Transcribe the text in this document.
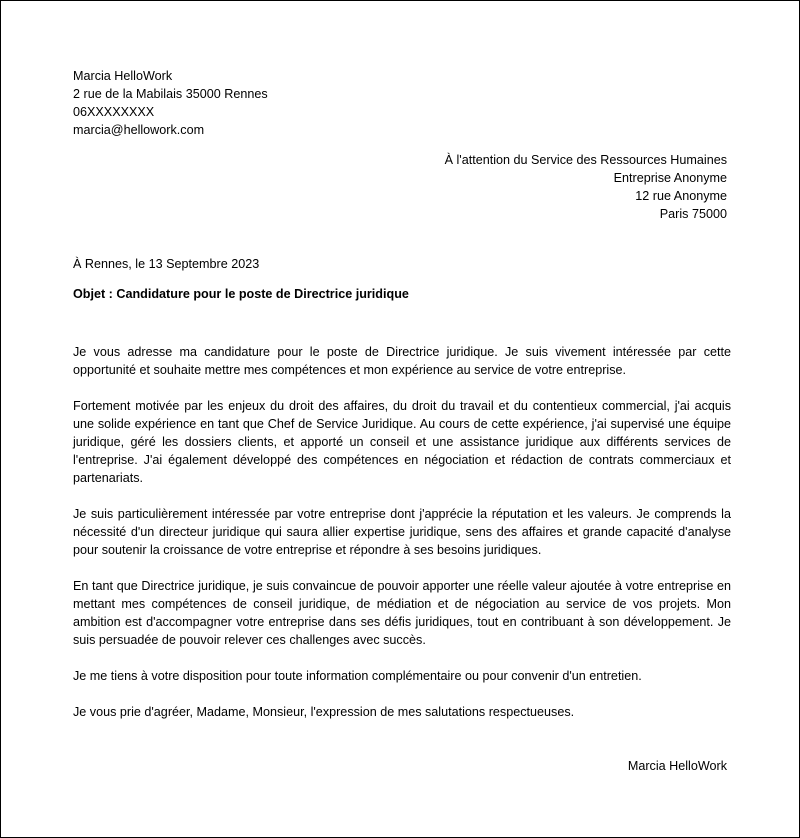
Marcia HelloWork
2 rue de la Mabilais 35000 Rennes
06XXXXXXXX
marcia@hellowork.com
À l'attention du Service des Ressources Humaines
Entreprise Anonyme
12 rue Anonyme
Paris 75000
À Rennes, le 13 Septembre 2023
Objet : Candidature pour le poste de Directrice juridique

Je vous adresse ma candidature pour le poste de Directrice juridique. Je suis vivement intéressée par cette opportunité et souhaite mettre mes compétences et mon expérience au service de votre entreprise.

Fortement motivée par les enjeux du droit des affaires, du droit du travail et du contentieux commercial, j'ai acquis une solide expérience en tant que Chef de Service Juridique. Au cours de cette expérience, j'ai supervisé une équipe juridique, géré les dossiers clients, et apporté un conseil et une assistance juridique aux différents services de l'entreprise. J'ai également développé des compétences en négociation et rédaction de contrats commerciaux et partenariats.

Je suis particulièrement intéressée par votre entreprise dont j'apprécie la réputation et les valeurs. Je comprends la nécessité d'un directeur juridique qui saura allier expertise juridique, sens des affaires et grande capacité d'analyse pour soutenir la croissance de votre entreprise et répondre à ses besoins juridiques.

En tant que Directrice juridique, je suis convaincue de pouvoir apporter une réelle valeur ajoutée à votre entreprise en mettant mes compétences de conseil juridique, de médiation et de négociation au service de vos projets. Mon ambition est d'accompagner votre entreprise dans ses défis juridiques, tout en contribuant à son développement. Je suis persuadée de pouvoir relever ces challenges avec succès.

Je me tiens à votre disposition pour toute information complémentaire ou pour convenir d'un entretien.

Je vous prie d'agréer, Madame, Monsieur, l'expression de mes salutations respectueuses.

Marcia HelloWork
